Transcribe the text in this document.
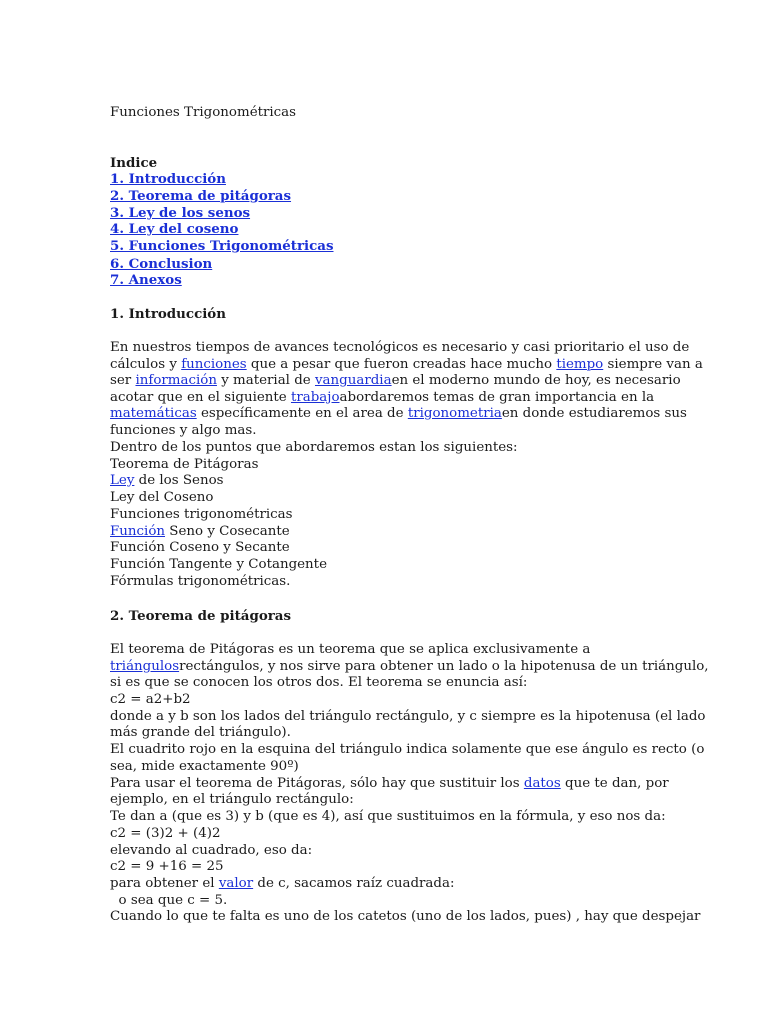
Funciones Trigonométricas
Indice
1. Introducción
2. Teorema de pitágoras
3. Ley de los senos
4. Ley del coseno
5. Funciones Trigonométricas
6. Conclusion
7. Anexos
1. Introducción
En nuestros tiempos de avances tecnológicos es necesario y casi prioritario el uso de
cálculos y funciones que a pesar que fueron creadas hace mucho tiempo siempre van a
ser información y material de vanguardiaen el moderno mundo de hoy, es necesario
acotar que en el siguiente trabajoabordaremos temas de gran importancia en la
matemáticas específicamente en el area de trigonometriaen donde estudiaremos sus
funciones y algo mas.
Dentro de los puntos que abordaremos estan los siguientes:
Teorema de Pitágoras
Ley de los Senos
Ley del Coseno
Funciones trigonométricas
Función Seno y Cosecante
Función Coseno y Secante
Función Tangente y Cotangente
Fórmulas trigonométricas.
2. Teorema de pitágoras
El teorema de Pitágoras es un teorema que se aplica exclusivamente a
triángulosrectángulos, y nos sirve para obtener un lado o la hipotenusa de un triángulo,
si es que se conocen los otros dos. El teorema se enuncia así:
c2 = a2+b2
donde a y b son los lados del triángulo rectángulo, y c siempre es la hipotenusa (el lado
más grande del triángulo).
El cuadrito rojo en la esquina del triángulo indica solamente que ese ángulo es recto (o
sea, mide exactamente 90º)
Para usar el teorema de Pitágoras, sólo hay que sustituir los datos que te dan, por
ejemplo, en el triángulo rectángulo:
Te dan a (que es 3) y b (que es 4), así que sustituimos en la fórmula, y eso nos da:
c2 = (3)2 + (4)2
elevando al cuadrado, eso da:
c2 = 9 +16 = 25
para obtener el valor de c, sacamos raíz cuadrada:
o sea que c = 5.
Cuando lo que te falta es uno de los catetos (uno de los lados, pues) , hay que despejar
